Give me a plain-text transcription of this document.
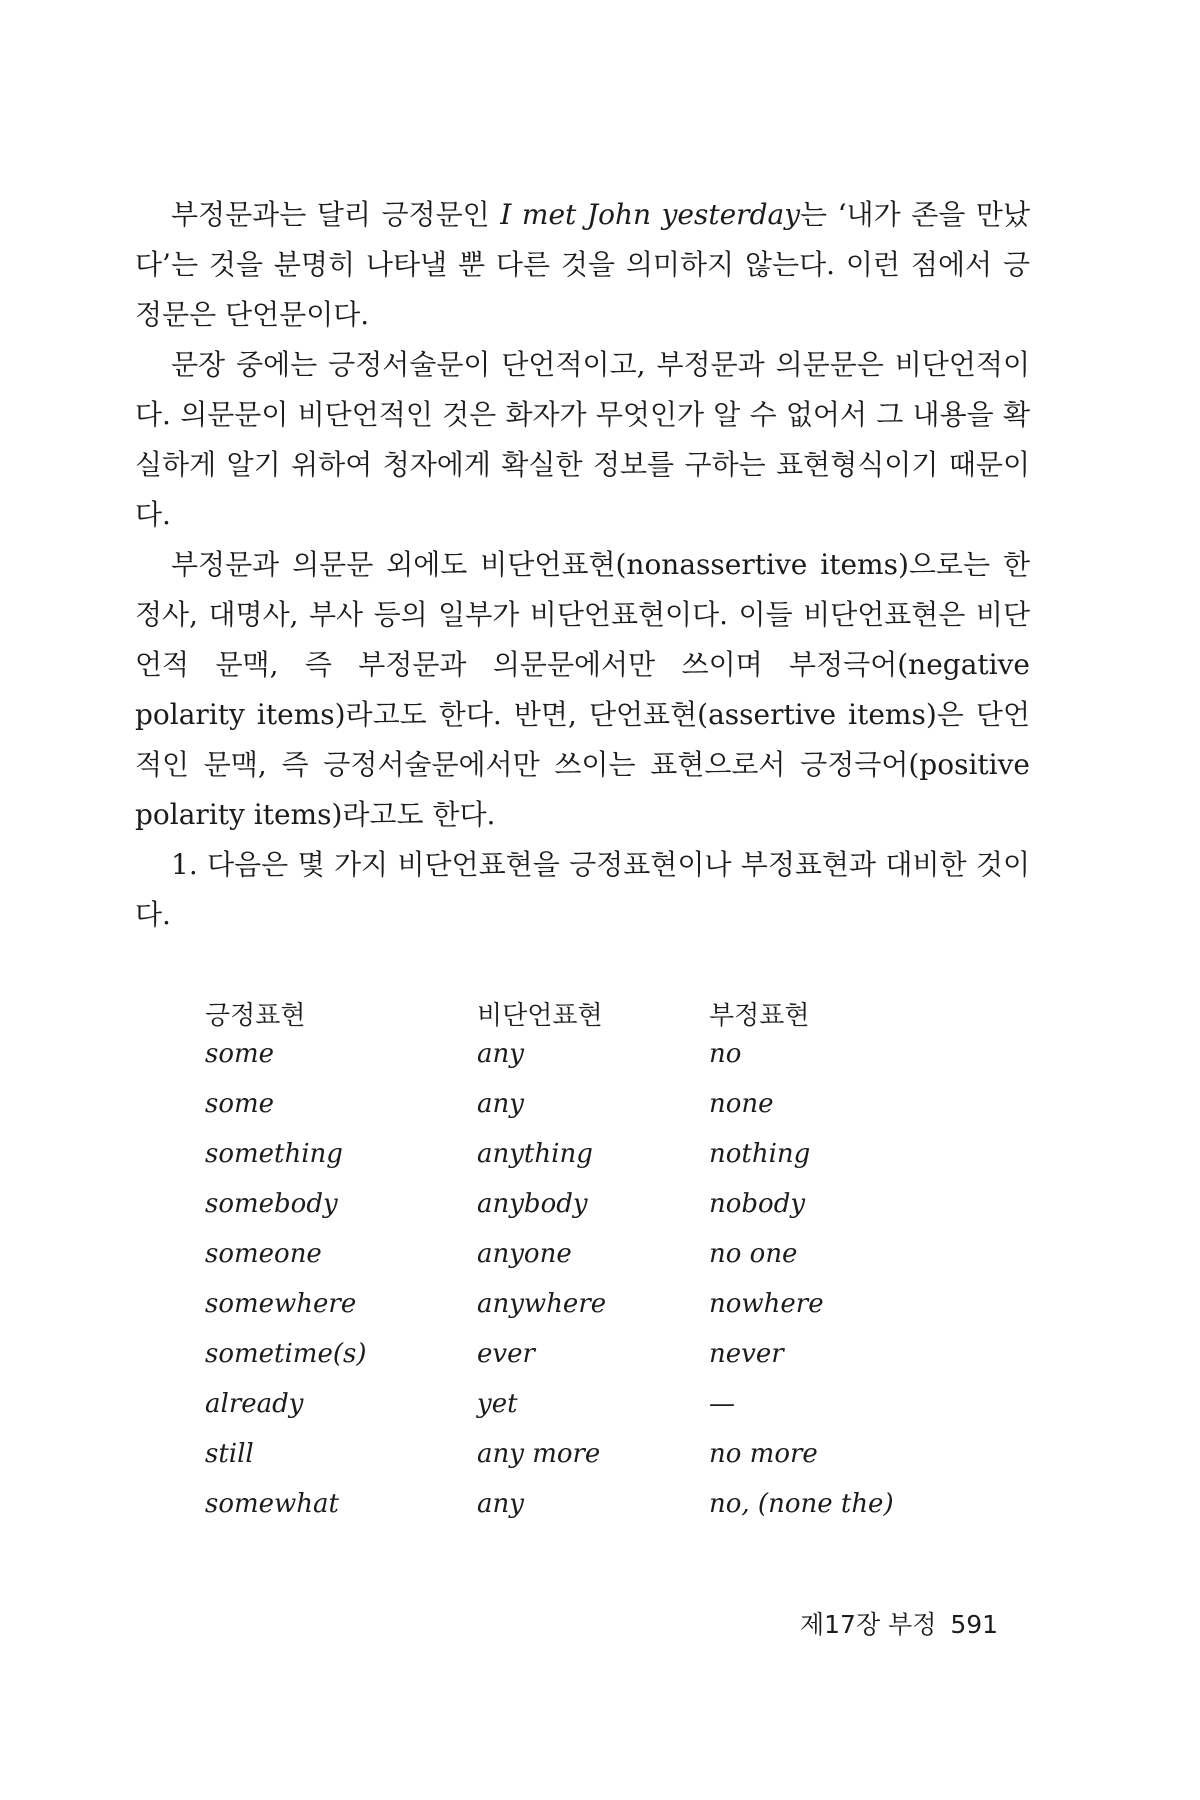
부정문과는 달리 긍정문인 I met John yesterday는 ‘내가 존을 만났다’는 것을 분명히 나타낼 뿐 다른 것을 의미하지 않는다. 이런 점에서 긍정문은 단언문이다.

문장 중에는 긍정서술문이 단언적이고, 부정문과 의문문은 비단언적이다. 의문문이 비단언적인 것은 화자가 무엇인가 알 수 없어서 그 내용을 확실하게 알기 위하여 청자에게 확실한 정보를 구하는 표현형식이기 때문이다.

부정문과 의문문 외에도 비단언표현(nonassertive items)으로는 한정사, 대명사, 부사 등의 일부가 비단언표현이다. 이들 비단언표현은 비단언적 문맥, 즉 부정문과 의문문에서만 쓰이며 부정극어(negative polarity items)라고도 한다. 반면, 단언표현(assertive items)은 단언적인 문맥, 즉 긍정서술문에서만 쓰이는 표현으로서 긍정극어(positive polarity items)라고도 한다.

1. 다음은 몇 가지 비단언표현을 긍정표현이나 부정표현과 대비한 것이다.

긍정표현	비단언표현	부정표현
some	any	no
some	any	none
something	anything	nothing
somebody	anybody	nobody
someone	anyone	no one
somewhere	anywhere	nowhere
sometime(s)	ever	never
already	yet	—
still	any more	no more
somewhat	any	no, (none the)
제17장 부정 591
